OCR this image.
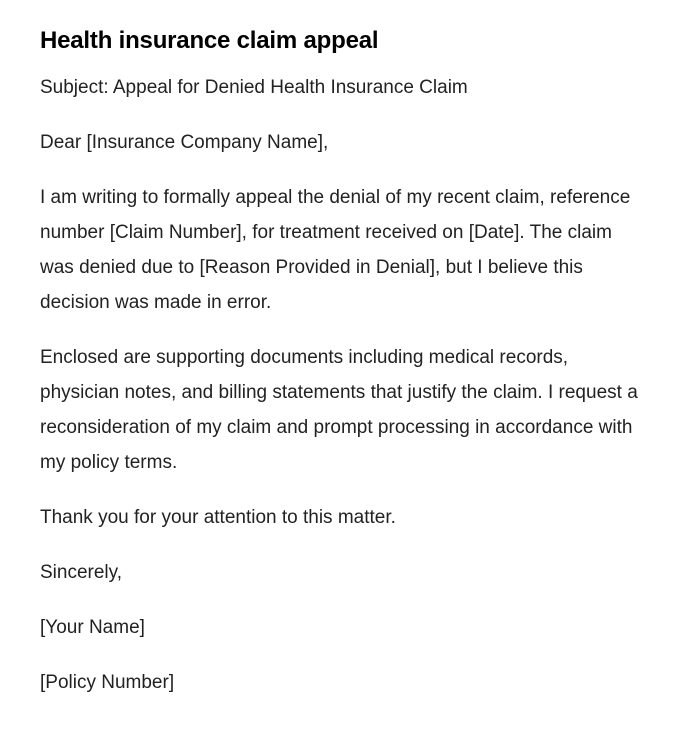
Health insurance claim appeal

Subject: Appeal for Denied Health Insurance Claim

Dear [Insurance Company Name],

I am writing to formally appeal the denial of my recent claim, reference number [Claim Number], for treatment received on [Date]. The claim was denied due to [Reason Provided in Denial], but I believe this decision was made in error.

Enclosed are supporting documents including medical records, physician notes, and billing statements that justify the claim. I request a reconsideration of my claim and prompt processing in accordance with my policy terms.

Thank you for your attention to this matter.

Sincerely,

[Your Name]

[Policy Number]
